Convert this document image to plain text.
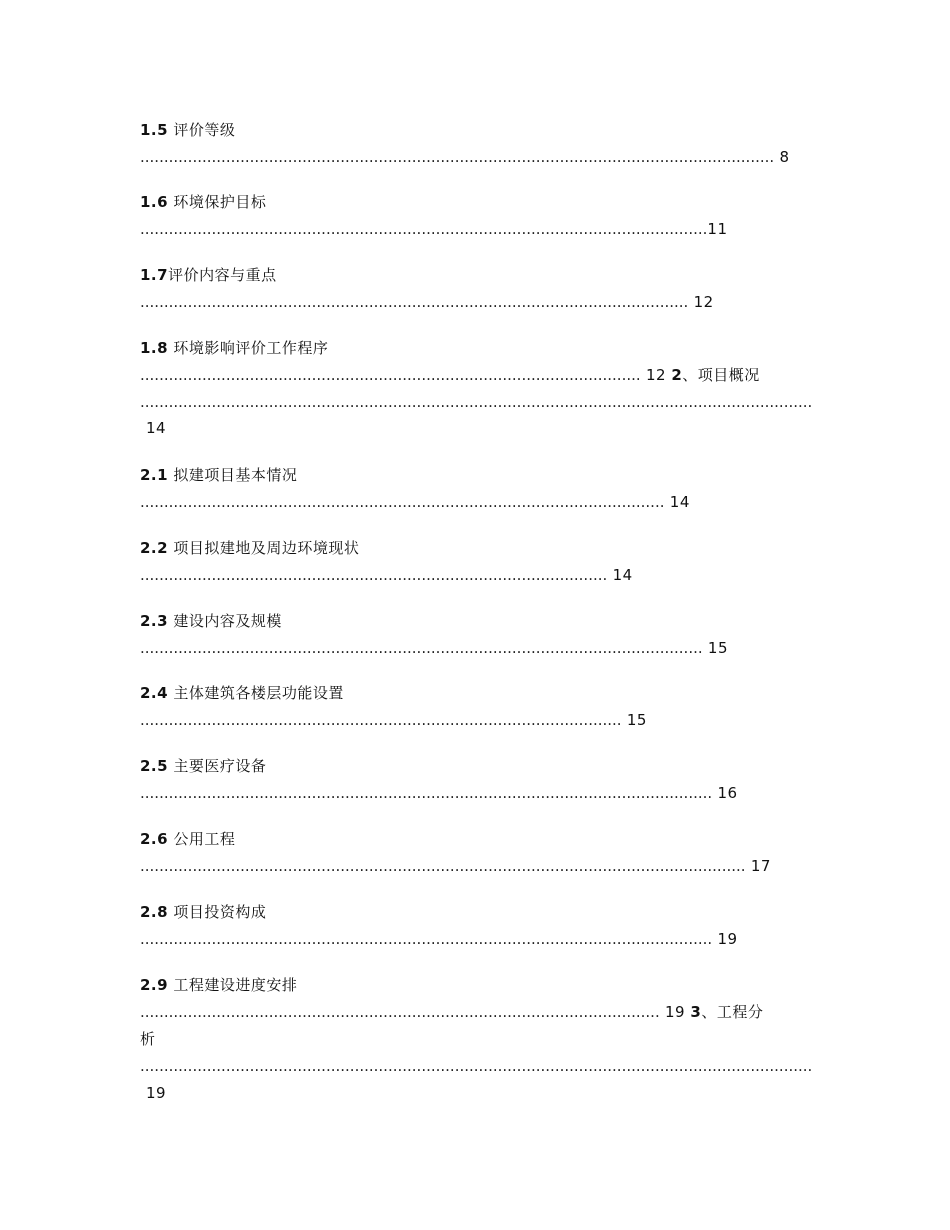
1.5 评价等级
..................................................................................................................................... 8
1.6 环境保护目标
.......................................................................................................................11
1.7评价内容与重点
................................................................................................................... 12
1.8 环境影响评价工作程序
......................................................................................................... 12 2、项目概况
.............................................................................................................................................
14
2.1 拟建项目基本情况
.............................................................................................................. 14
2.2 项目拟建地及周边环境现状
.................................................................................................. 14
2.3 建设内容及规模
...................................................................................................................... 15
2.4 主体建筑各楼层功能设置
..................................................................................................... 15
2.5 主要医疗设备
........................................................................................................................ 16
2.6 公用工程
............................................................................................................................... 17
2.8 项目投资构成
........................................................................................................................ 19
2.9 工程建设进度安排
............................................................................................................. 19 3、工程分
析
.............................................................................................................................................
19
